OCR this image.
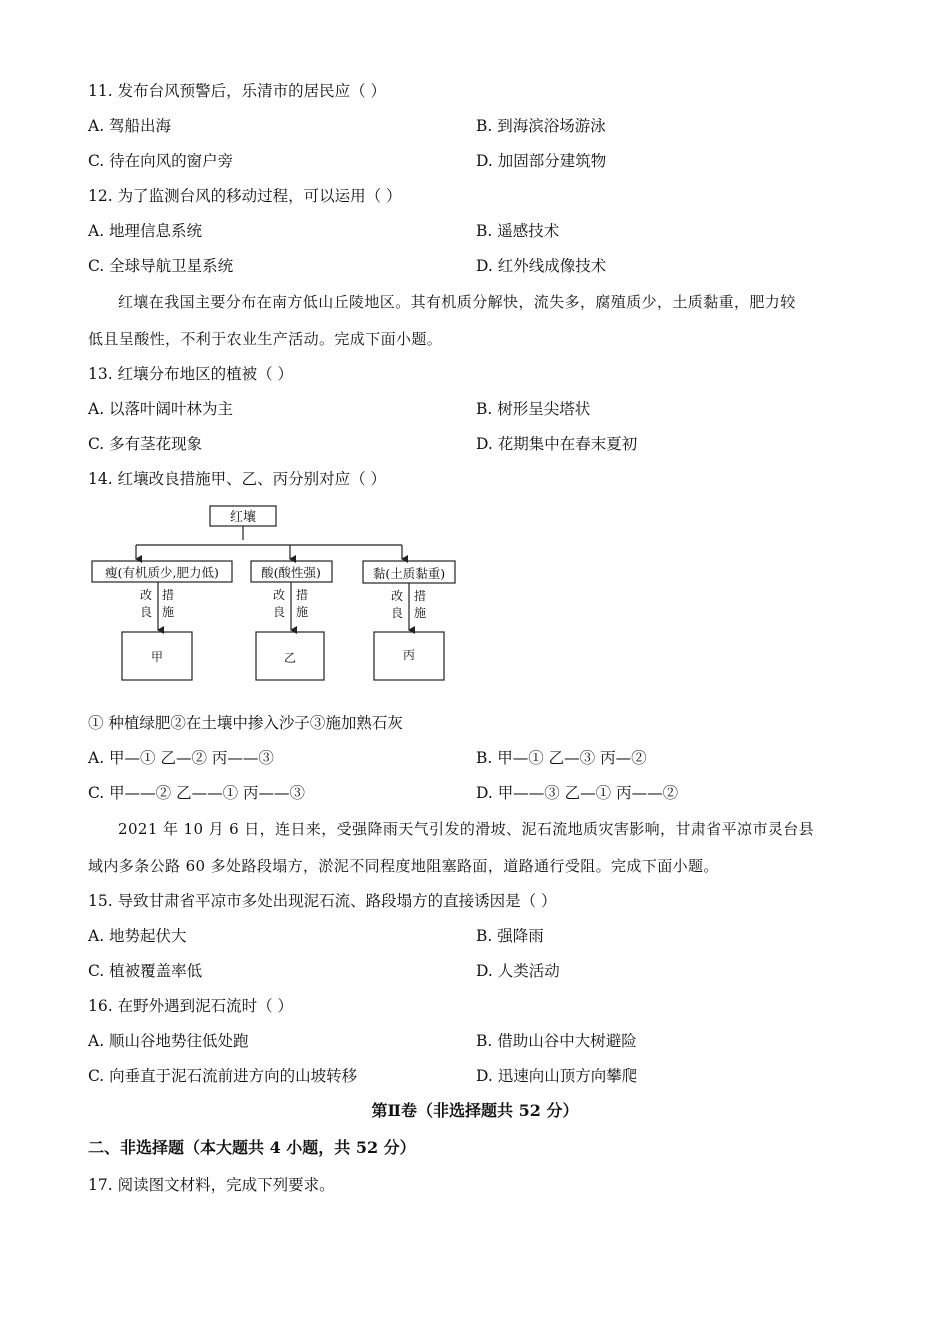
11. 发布台风预警后，乐清市的居民应（ ）
A. 驾船出海	B. 到海滨浴场游泳
C. 待在向风的窗户旁	D. 加固部分建筑物
12. 为了监测台风的移动过程，可以运用（ ）
A. 地理信息系统	B. 遥感技术
C. 全球导航卫星系统	D. 红外线成像技术
红壤在我国主要分布在南方低山丘陵地区。其有机质分解快，流失多，腐殖质少，土质黏重，肥力较
低且呈酸性，不利于农业生产活动。完成下面小题。
13. 红壤分布地区的植被（ ）
A. 以落叶阔叶林为主	B. 树形呈尖塔状
C. 多有茎花现象	D. 花期集中在春末夏初
14. 红壤改良措施甲、乙、丙分别对应（ ）
红壤
瘦(有机质少,肥力低)	酸(酸性强)	黏(土质黏重)
改
良
措
施
改
良
措
施
改
良
措
施
甲	乙	丙
① 种植绿肥②在土壤中掺入沙子③施加熟石灰
A. 甲—① 乙—② 丙——③	B. 甲—① 乙—③ 丙—②
C. 甲——② 乙——① 丙——③	D. 甲——③ 乙—① 丙——②
2021 年 10 月 6 日，连日来，受强降雨天气引发的滑坡、泥石流地质灾害影响，甘肃省平凉市灵台县
域内多条公路 60 多处路段塌方，淤泥不同程度地阻塞路面，道路通行受阻。完成下面小题。
15. 导致甘肃省平凉市多处出现泥石流、路段塌方的直接诱因是（ ）
A. 地势起伏大	B. 强降雨
C. 植被覆盖率低	D. 人类活动
16. 在野外遇到泥石流时（ ）
A. 顺山谷地势往低处跑	B. 借助山谷中大树避险
C. 向垂直于泥石流前进方向的山坡转移	D. 迅速向山顶方向攀爬
第Ⅱ卷（非选择题共 52 分）
二、非选择题（本大题共 4 小题，共 52 分）
17. 阅读图文材料，完成下列要求。
